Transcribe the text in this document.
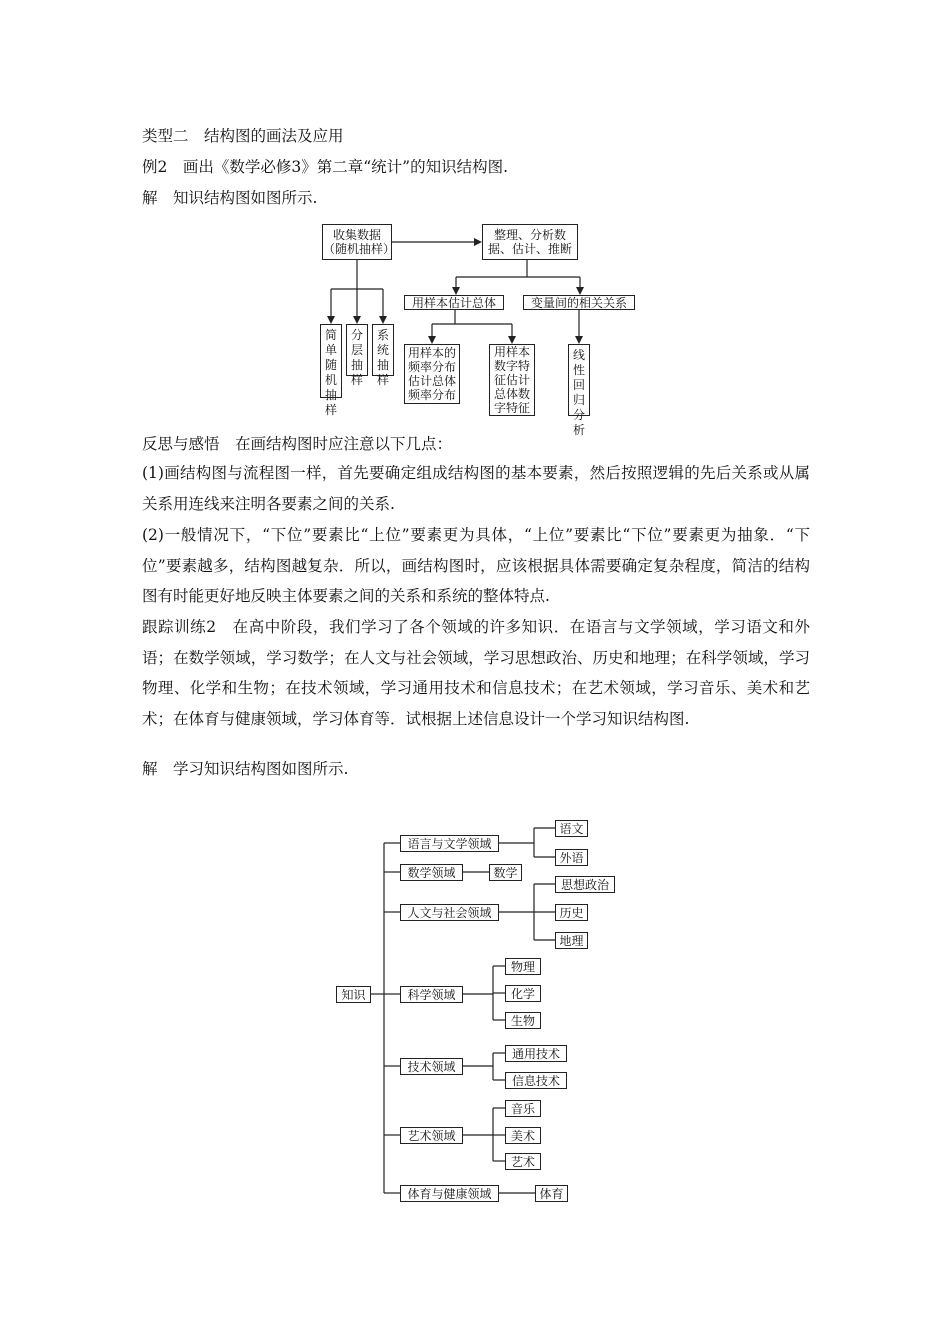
类型二　结构图的画法及应用
例2　画出《数学必修3》第二章“统计”的知识结构图.
解　知识结构图如图所示.
收集数据（随机抽样）
整理、分析数据、估计、推断
简单随机抽样
分层抽样
系统抽样
用样本估计总体	变量间的相关关系
用样本的频率分布估计总体频率分布
用样本数字特征估计总体数字特征
线性回归分析
反思与感悟　在画结构图时应注意以下几点：
(1)画结构图与流程图一样，首先要确定组成结构图的基本要素，然后按照逻辑的先后关系或从属关系用连线来注明各要素之间的关系.
(2)一般情况下，“下位”要素比“上位”要素更为具体，“上位”要素比“下位”要素更为抽象．“下位”要素越多，结构图越复杂．所以，画结构图时，应该根据具体需要确定复杂程度，简洁的结构图有时能更好地反映主体要素之间的关系和系统的整体特点.
跟踪训练2　在高中阶段，我们学习了各个领域的许多知识．在语言与文学领域，学习语文和外语；在数学领域，学习数学；在人文与社会领域，学习思想政治、历史和地理；在科学领域，学习物理、化学和生物；在技术领域，学习通用技术和信息技术；在艺术领域，学习音乐、美术和艺术；在体育与健康领域，学习体育等．试根据上述信息设计一个学习知识结构图.
解　学习知识结构图如图所示.
知识
语言与文学领域
语文
外语
数学领域	数学
人文与社会领域
思想政治
历史
地理
科学领域
物理
化学
生物
技术领域
通用技术
信息技术
艺术领域
音乐
美术
艺术
体育与健康领域	体育
